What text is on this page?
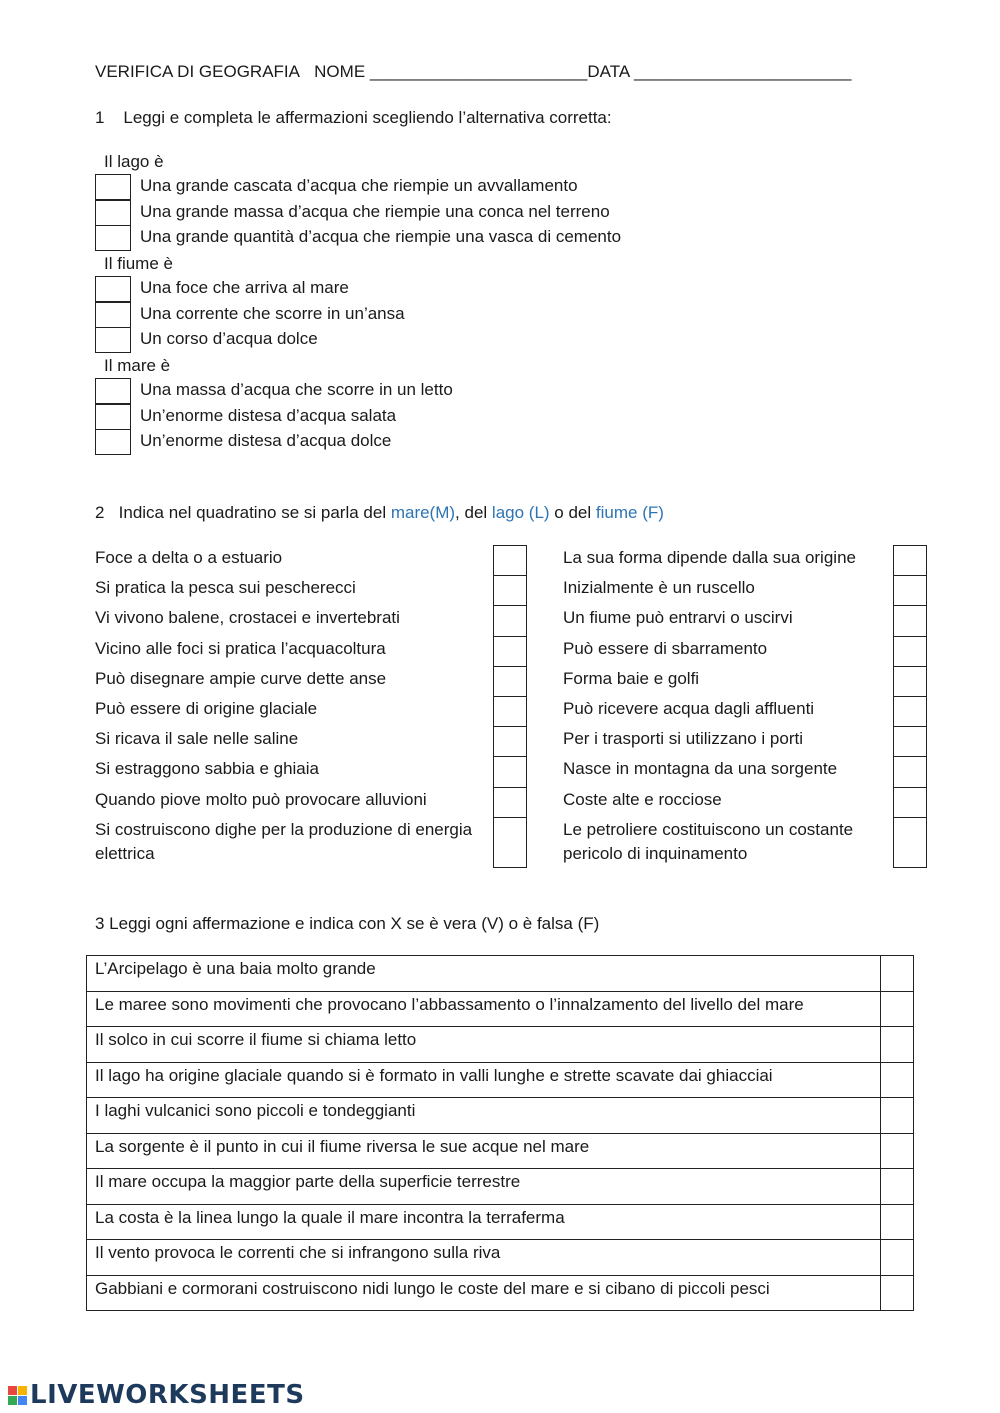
VERIFICA DI GEOGRAFIA NOME _______________________DATA _______________________
1 Leggi e completa le affermazioni scegliendo l’alternativa corretta:
Il lago è
Una grande cascata d’acqua che riempie un avvallamento
Una grande massa d’acqua che riempie una conca nel terreno
Una grande quantità d’acqua che riempie una vasca di cemento
Il fiume è
Una foce che arriva al mare
Una corrente che scorre in un’ansa
Un corso d’acqua dolce
Il mare è
Una massa d’acqua che scorre in un letto
Un’enorme distesa d’acqua salata
Un’enorme distesa d’acqua dolce
2 Indica nel quadratino se si parla del mare(M), del lago (L) o del fiume (F)
Foce a delta o a estuario
Si pratica la pesca sui pescherecci
Vi vivono balene, crostacei e invertebrati
Vicino alle foci si pratica l’acquacoltura
Può disegnare ampie curve dette anse
Può essere di origine glaciale
Si ricava il sale nelle saline
Si estraggono sabbia e ghiaia
Quando piove molto può provocare alluvioni
Si costruiscono dighe per la produzione di energia elettrica
La sua forma dipende dalla sua origine
Inizialmente è un ruscello
Un fiume può entrarvi o uscirvi
Può essere di sbarramento
Forma baie e golfi
Può ricevere acqua dagli affluenti
Per i trasporti si utilizzano i porti
Nasce in montagna da una sorgente
Coste alte e rocciose
Le petroliere costituiscono un costante pericolo di inquinamento
3 Leggi ogni affermazione e indica con X se è vera (V) o è falsa (F)
L’Arcipelago è una baia molto grande	
Le maree sono movimenti che provocano l’abbassamento o l’innalzamento del livello del mare	
Il solco in cui scorre il fiume si chiama letto	
Il lago ha origine glaciale quando si è formato in valli lunghe e strette scavate dai ghiacciai	
I laghi vulcanici sono piccoli e tondeggianti	
La sorgente è il punto in cui il fiume riversa le sue acque nel mare	
Il mare occupa la maggior parte della superficie terrestre	
La costa è la linea lungo la quale il mare incontra la terraferma	
Il vento provoca le correnti che si infrangono sulla riva	
Gabbiani e cormorani costruiscono nidi lungo le coste del mare e si cibano di piccoli pesci	
LIVEWORKSHEETS
